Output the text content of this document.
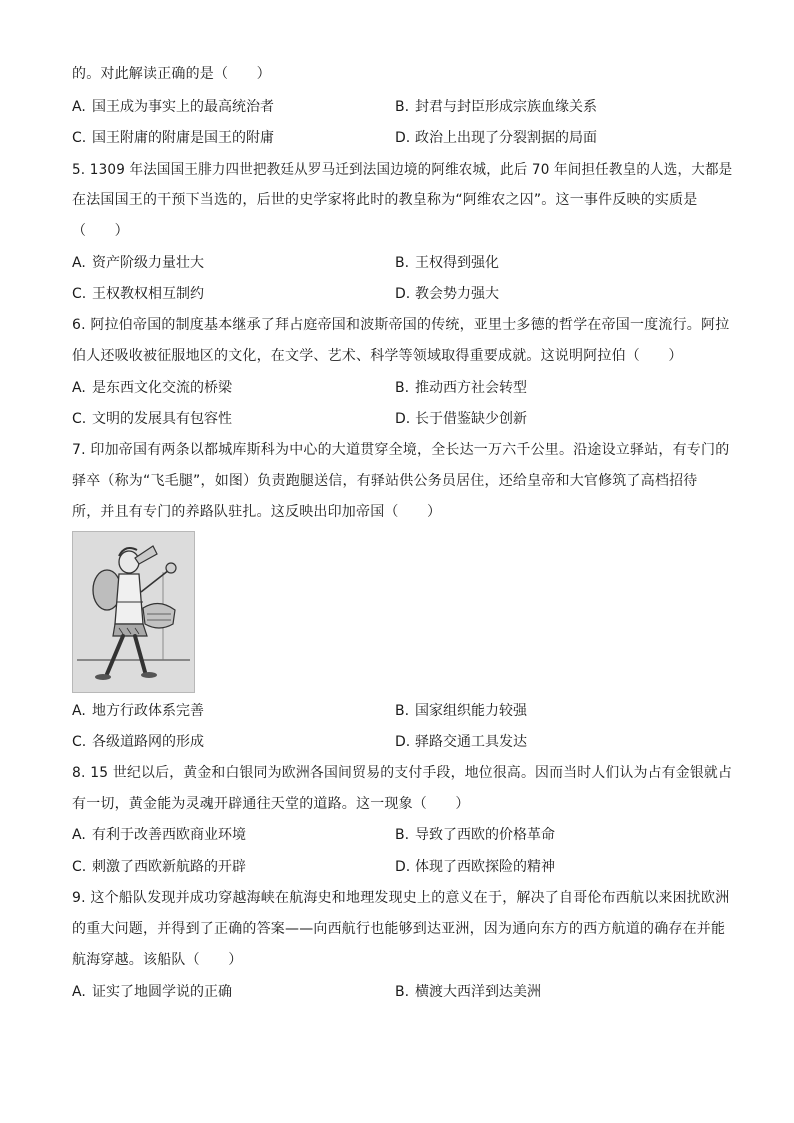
的。对此解读正确的是（　　）
A. 国王成为事实上的最高统治者	B. 封君与封臣形成宗族血缘关系
C. 国王附庸的附庸是国王的附庸	D. 政治上出现了分裂割据的局面
5. 1309 年法国国王腓力四世把教廷从罗马迁到法国边境的阿维农城，此后 70 年间担任教皇的人选，大都是
在法国国王的干预下当选的，后世的史学家将此时的教皇称为“阿维农之囚”。这一事件反映的实质是
（　　）
A. 资产阶级力量壮大	B. 王权得到强化
C. 王权教权相互制约	D. 教会势力强大
6. 阿拉伯帝国的制度基本继承了拜占庭帝国和波斯帝国的传统，亚里士多德的哲学在帝国一度流行。阿拉
伯人还吸收被征服地区的文化，在文学、艺术、科学等领域取得重要成就。这说明阿拉伯（　　）
A. 是东西文化交流的桥梁	B. 推动西方社会转型
C. 文明的发展具有包容性	D. 长于借鉴缺少创新
7. 印加帝国有两条以都城库斯科为中心的大道贯穿全境，全长达一万六千公里。沿途设立驿站，有专门的
驿卒（称为“飞毛腿”，如图）负责跑腿送信，有驿站供公务员居住，还给皇帝和大官修筑了高档招待
所，并且有专门的养路队驻扎。这反映出印加帝国（　　）
A. 地方行政体系完善	B. 国家组织能力较强
C. 各级道路网的形成	D. 驿路交通工具发达
8. 15 世纪以后，黄金和白银同为欧洲各国间贸易的支付手段，地位很高。因而当时人们认为占有金银就占
有一切，黄金能为灵魂开辟通往天堂的道路。这一现象（　　）
A. 有利于改善西欧商业环境	B. 导致了西欧的价格革命
C. 刺激了西欧新航路的开辟	D. 体现了西欧探险的精神
9. 这个船队发现并成功穿越海峡在航海史和地理发现史上的意义在于，解决了自哥伦布西航以来困扰欧洲
的重大问题，并得到了正确的答案——向西航行也能够到达亚洲，因为通向东方的西方航道的确存在并能
航海穿越。该船队（　　）
A. 证实了地圆学说的正确	B. 横渡大西洋到达美洲
